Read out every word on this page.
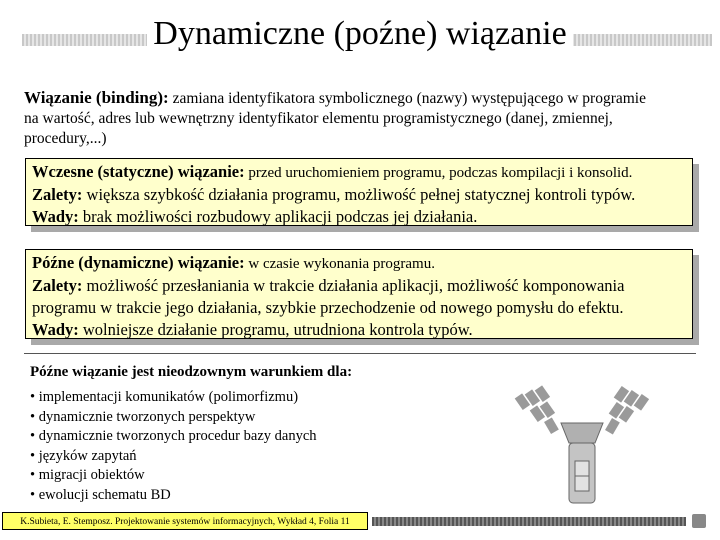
Dynamiczne (poźne) wiązanie
Wiązanie (binding): zamiana identyfikatora symbolicznego (nazwy) występującego w programie
na wartość, adres lub wewnętrzny identyfikator elementu programistycznego (danej, zmiennej, procedury,...)
Wczesne (statyczne) wiązanie: przed uruchomieniem programu, podczas kompilacji i konsolid.
Zalety: większa szybkość działania programu, możliwość pełnej statycznej kontroli typów.
Wady: brak możliwości rozbudowy aplikacji podczas jej działania.
Późne (dynamiczne) wiązanie: w czasie wykonania programu.
Zalety: możliwość przesłaniania w trakcie działania aplikacji, możliwość komponowania programu w trakcie jego działania, szybkie przechodzenie od nowego pomysłu do efektu.
Wady: wolniejsze działanie programu, utrudniona kontrola typów.
Późne wiązanie jest nieodzownym warunkiem dla:
• implementacji komunikatów (polimorfizmu)
• dynamicznie tworzonych perspektyw
• dynamicznie tworzonych procedur bazy danych
• języków zapytań
• migracji obiektów
• ewolucji schematu BD
K.Subieta, E. Stemposz. Projektowanie systemów informacyjnych, Wykład 4, Folia 11
